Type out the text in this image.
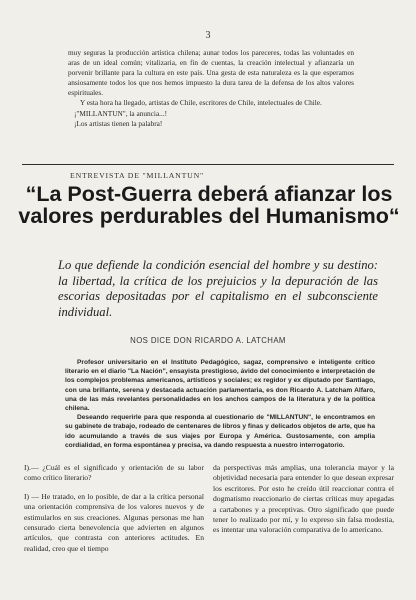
3

muy seguras la producción artística chilena; aunar todos los pareceres, todas las voluntades en aras de un ideal común; vitalizaria, en fin de cuentas, la creación intelectual y afianzaría un porvenir brillante para la cultura en este país. Una gesta de esta naturaleza es la que esperamos ansiosamente todos los que nos hemos impuesto la dura tarea de la defensa de los altos valores espirituales.

Y esta hora ha llegado, artistas de Chile, escritores de Chile, intelectuales de Chile.

¡"MILLANTUN", la anuncia...!
¡Los artistas tienen la palabra!
ENTREVISTA DE "MILLANTUN"
“La Post-Guerra deberá afianzar los valores perdurables del Humanismo“
Lo que defiende la condición esencial del hombre y su destino: la libertad, la crítica de los prejuicios y la depuración de las escorias depositadas por el capitalismo en el subconsciente individual.
NOS DICE DON RICARDO A. LATCHAM

Profesor universitario en el Instituto Pedagógico, sagaz, comprensivo e inteligente crítico literario en el diario "La Nación", ensayista prestigioso, ávido del conocimiento e interpretación de los complejos problemas americanos, artísticos y sociales; ex regidor y ex diputado por Santiago, con una brillante, serena y destacada actuación parlamentaria, es don Ricardo A. Latcham Alfaro, una de las más revelantes personalidades en los anchos campos de la literatura y de la política chilena.

Deseando requerirle para que responda al cuestionario de "MILLANTUN", le encontramos en su gabinete de trabajo, rodeado de centenares de libros y finas y delicados objetos de arte, que ha ido acumulando a través de sus viajes por Europa y América. Gustosamente, con amplia cordialidad, en forma espontánea y precisa, va dando respuesta a nuestro interrogatorio.

I).— ¿Cuál es el significado y orientación de su labor como crítico literario?

I) — He tratado, en lo posible, de dar a la crítica personal una orientación comprensiva de los valores nuevos y de estimularlos en sus creaciones. Algunas personas me han censurado cierta benevolencia que advierten en algunos artículos, que contrasta con anteriores actitudes. En realidad, creo que el tiempo

da perspectivas más amplias, una tolerancia mayor y la objetividad necesaria para entender lo que desean expresar los escritores. Por esto he creído útil reaccionar contra el dogmatismo reaccionario de ciertas críticas muy apegadas a cartabones y a preceptivas. Otro significado que puede tener lo realizado por mí, y lo expreso sin falsa modestia, es intentar una valoración comparativa de lo americano.
